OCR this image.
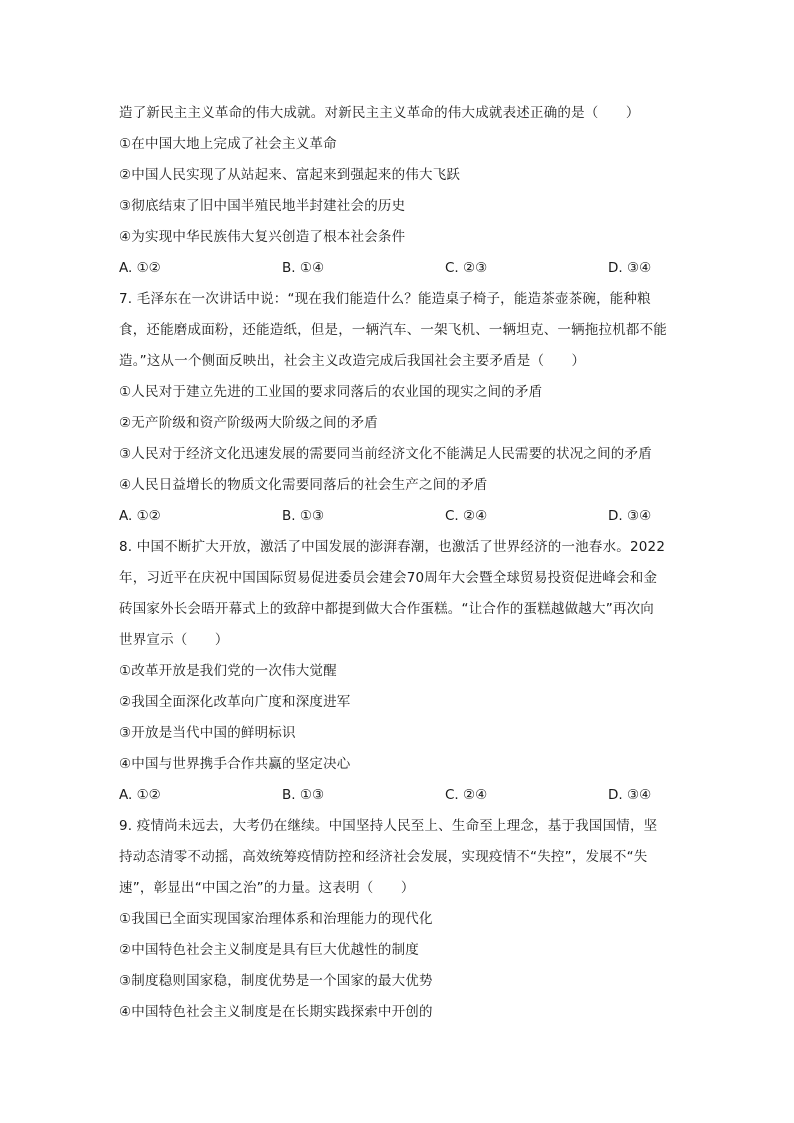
造了新民主主义革命的伟大成就。对新民主主义革命的伟大成就表述正确的是（　　）
①在中国大地上完成了社会主义革命
②中国人民实现了从站起来、富起来到强起来的伟大飞跃
③彻底结束了旧中国半殖民地半封建社会的历史
④为实现中华民族伟大复兴创造了根本社会条件
A. ①②	B. ①④	C. ②③	D. ③④
7. 毛泽东在一次讲话中说：“现在我们能造什么？能造桌子椅子，能造茶壶茶碗，能种粮
食，还能磨成面粉，还能造纸，但是，一辆汽车、一架飞机、一辆坦克、一辆拖拉机都不能
造。”这从一个侧面反映出，社会主义改造完成后我国社会主要矛盾是（　　）
①人民对于建立先进的工业国的要求同落后的农业国的现实之间的矛盾
②无产阶级和资产阶级两大阶级之间的矛盾
③人民对于经济文化迅速发展的需要同当前经济文化不能满足人民需要的状况之间的矛盾
④人民日益增长的物质文化需要同落后的社会生产之间的矛盾
A. ①②	B. ①③	C. ②④	D. ③④
8. 中国不断扩大开放，激活了中国发展的澎湃春潮，也激活了世界经济的一池春水。2022
年，习近平在庆祝中国国际贸易促进委员会建会70周年大会暨全球贸易投资促进峰会和金
砖国家外长会晤开幕式上的致辞中都提到做大合作蛋糕。“让合作的蛋糕越做越大”再次向
世界宣示（　　）
①改革开放是我们党的一次伟大觉醒
②我国全面深化改革向广度和深度进军
③开放是当代中国的鲜明标识
④中国与世界携手合作共赢的坚定决心
A. ①②	B. ①③	C. ②④	D. ③④
9. 疫情尚未远去，大考仍在继续。中国坚持人民至上、生命至上理念，基于我国国情，坚
持动态清零不动摇，高效统筹疫情防控和经济社会发展，实现疫情不“失控”，发展不“失
速”，彰显出“中国之治”的力量。这表明（　　）
①我国已全面实现国家治理体系和治理能力的现代化
②中国特色社会主义制度是具有巨大优越性的制度
③制度稳则国家稳，制度优势是一个国家的最大优势
④中国特色社会主义制度是在长期实践探索中开创的
